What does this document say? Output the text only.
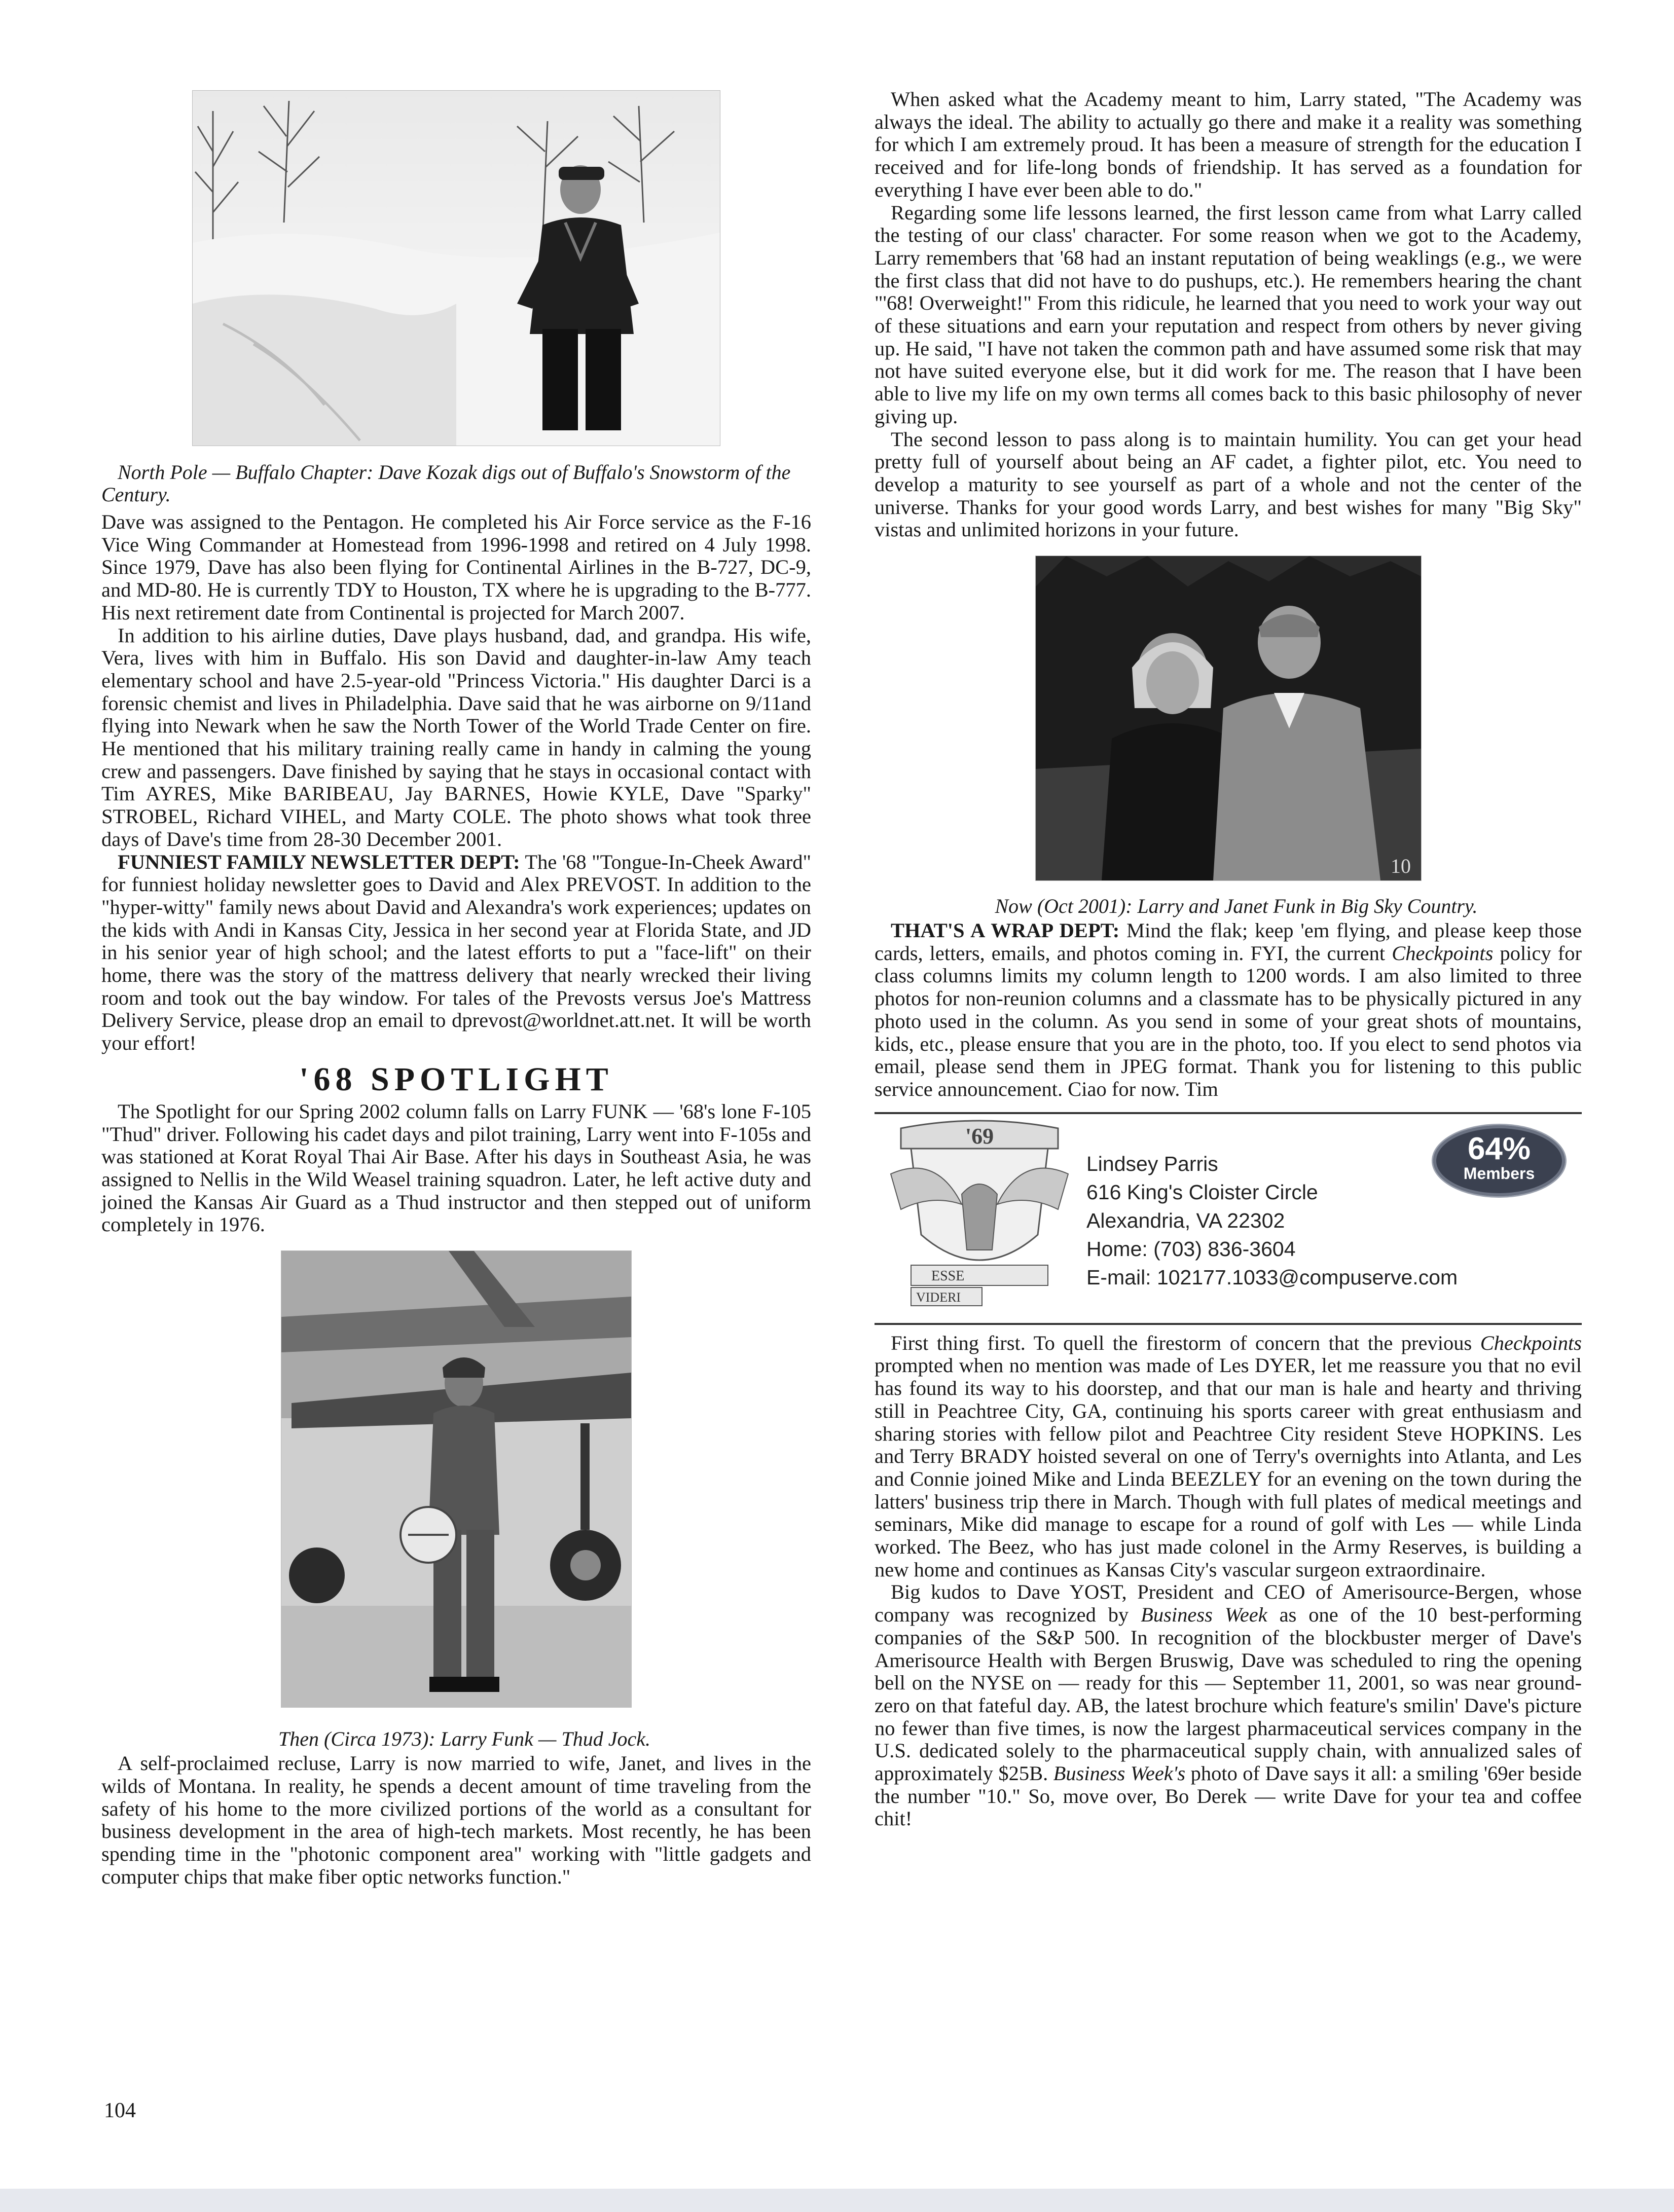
North Pole — Buffalo Chapter: Dave Kozak digs out of Buffalo's Snowstorm of the Century.

Dave was assigned to the Pentagon. He completed his Air Force service as the F-16 Vice Wing Commander at Homestead from 1996-1998 and retired on 4 July 1998. Since 1979, Dave has also been flying for Continental Airlines in the B-727, DC-9, and MD-80. He is currently TDY to Houston, TX where he is upgrading to the B-777. His next retirement date from Continental is projected for March 2007.

In addition to his airline duties, Dave plays husband, dad, and grandpa. His wife, Vera, lives with him in Buffalo. His son David and daughter-in-law Amy teach elementary school and have 2.5-year-old "Princess Victoria." His daughter Darci is a forensic chemist and lives in Philadelphia. Dave said that he was airborne on 9/11and flying into Newark when he saw the North Tower of the World Trade Center on fire. He mentioned that his military training really came in handy in calming the young crew and passengers. Dave finished by saying that he stays in occasional contact with Tim AYRES, Mike BARIBEAU, Jay BARNES, Howie KYLE, Dave "Sparky" STROBEL, Richard VIHEL, and Marty COLE. The photo shows what took three days of Dave's time from 28-30 December 2001.

FUNNIEST FAMILY NEWSLETTER DEPT: The '68 "Tongue-In-Cheek Award" for funniest holiday newsletter goes to David and Alex PREVOST. In addition to the "hyper-witty" family news about David and Alexandra's work experiences; updates on the kids with Andi in Kansas City, Jessica in her second year at Florida State, and JD in his senior year of high school; and the latest efforts to put a "face-lift" on their home, there was the story of the mattress delivery that nearly wrecked their living room and took out the bay window. For tales of the Prevosts versus Joe's Mattress Delivery Service, please drop an email to dprevost@worldnet.att.net. It will be worth your effort!

'68 SPOTLIGHT

The Spotlight for our Spring 2002 column falls on Larry FUNK — '68's lone F-105 "Thud" driver. Following his cadet days and pilot training, Larry went into F-105s and was stationed at Korat Royal Thai Air Base. After his days in Southeast Asia, he was assigned to Nellis in the Wild Weasel training squadron. Later, he left active duty and joined the Kansas Air Guard as a Thud instructor and then stepped out of uniform completely in 1976.

Then (Circa 1973): Larry Funk — Thud Jock.

A self-proclaimed recluse, Larry is now married to wife, Janet, and lives in the wilds of Montana. In reality, he spends a decent amount of time traveling from the safety of his home to the more civilized portions of the world as a consultant for business development in the area of high-tech markets. Most recently, he has been spending time in the "photonic component area" working with "little gadgets and computer chips that make fiber optic networks function."

When asked what the Academy meant to him, Larry stated, "The Academy was always the ideal. The ability to actually go there and make it a reality was something for which I am extremely proud. It has been a measure of strength for the education I received and for life-long bonds of friendship. It has served as a foundation for everything I have ever been able to do."

Regarding some life lessons learned, the first lesson came from what Larry called the testing of our class' character. For some reason when we got to the Academy, Larry remembers that '68 had an instant reputation of being weaklings (e.g., we were the first class that did not have to do pushups, etc.). He remembers hearing the chant "'68! Overweight!" From this ridicule, he learned that you need to work your way out of these situations and earn your reputation and respect from others by never giving up. He said, "I have not taken the common path and have assumed some risk that may not have suited everyone else, but it did work for me. The reason that I have been able to live my life on my own terms all comes back to this basic philosophy of never giving up.

The second lesson to pass along is to maintain humility. You can get your head pretty full of yourself about being an AF cadet, a fighter pilot, etc. You need to develop a maturity to see yourself as part of a whole and not the center of the universe. Thanks for your good words Larry, and best wishes for many "Big Sky" vistas and unlimited horizons in your future.

10

Now (Oct 2001): Larry and Janet Funk in Big Sky Country.

THAT'S A WRAP DEPT: Mind the flak; keep 'em flying, and please keep those cards, letters, emails, and photos coming in. FYI, the current Checkpoints policy for class columns limits my column length to 1200 words. I am also limited to three photos for non-reunion columns and a classmate has to be physically pictured in any photo used in the column. As you send in some of your great shots of mountains, kids, etc., please ensure that you are in the photo, too. If you elect to send photos via email, please send them in JPEG format. Thank you for listening to this public service announcement. Ciao for now. Tim

'69
ESSE
VIDERI
Lindsey Parris
616 King's Cloister Circle
Alexandria, VA 22302
Home: (703) 836-3604
E-mail: 102177.1033@compuserve.com
64%
Members

First thing first. To quell the firestorm of concern that the previous Checkpoints prompted when no mention was made of Les DYER, let me reassure you that no evil has found its way to his doorstep, and that our man is hale and hearty and thriving still in Peachtree City, GA, continuing his sports career with great enthusiasm and sharing stories with fellow pilot and Peachtree City resident Steve HOPKINS. Les and Terry BRADY hoisted several on one of Terry's overnights into Atlanta, and Les and Connie joined Mike and Linda BEEZLEY for an evening on the town during the latters' business trip there in March. Though with full plates of medical meetings and seminars, Mike did manage to escape for a round of golf with Les — while Linda worked. The Beez, who has just made colonel in the Army Reserves, is building a new home and continues as Kansas City's vascular surgeon extraordinaire.

Big kudos to Dave YOST, President and CEO of Amerisource-Bergen, whose company was recognized by Business Week as one of the 10 best-performing companies of the S&P 500. In recognition of the blockbuster merger of Dave's Amerisource Health with Bergen Bruswig, Dave was scheduled to ring the opening bell on the NYSE on — ready for this — September 11, 2001, so was near ground-zero on that fateful day. AB, the latest brochure which feature's smilin' Dave's picture no fewer than five times, is now the largest pharmaceutical services company in the U.S. dedicated solely to the pharmaceutical supply chain, with annualized sales of approximately $25B. Business Week's photo of Dave says it all: a smiling '69er beside the number "10." So, move over, Bo Derek — write Dave for your tea and coffee chit!

104
